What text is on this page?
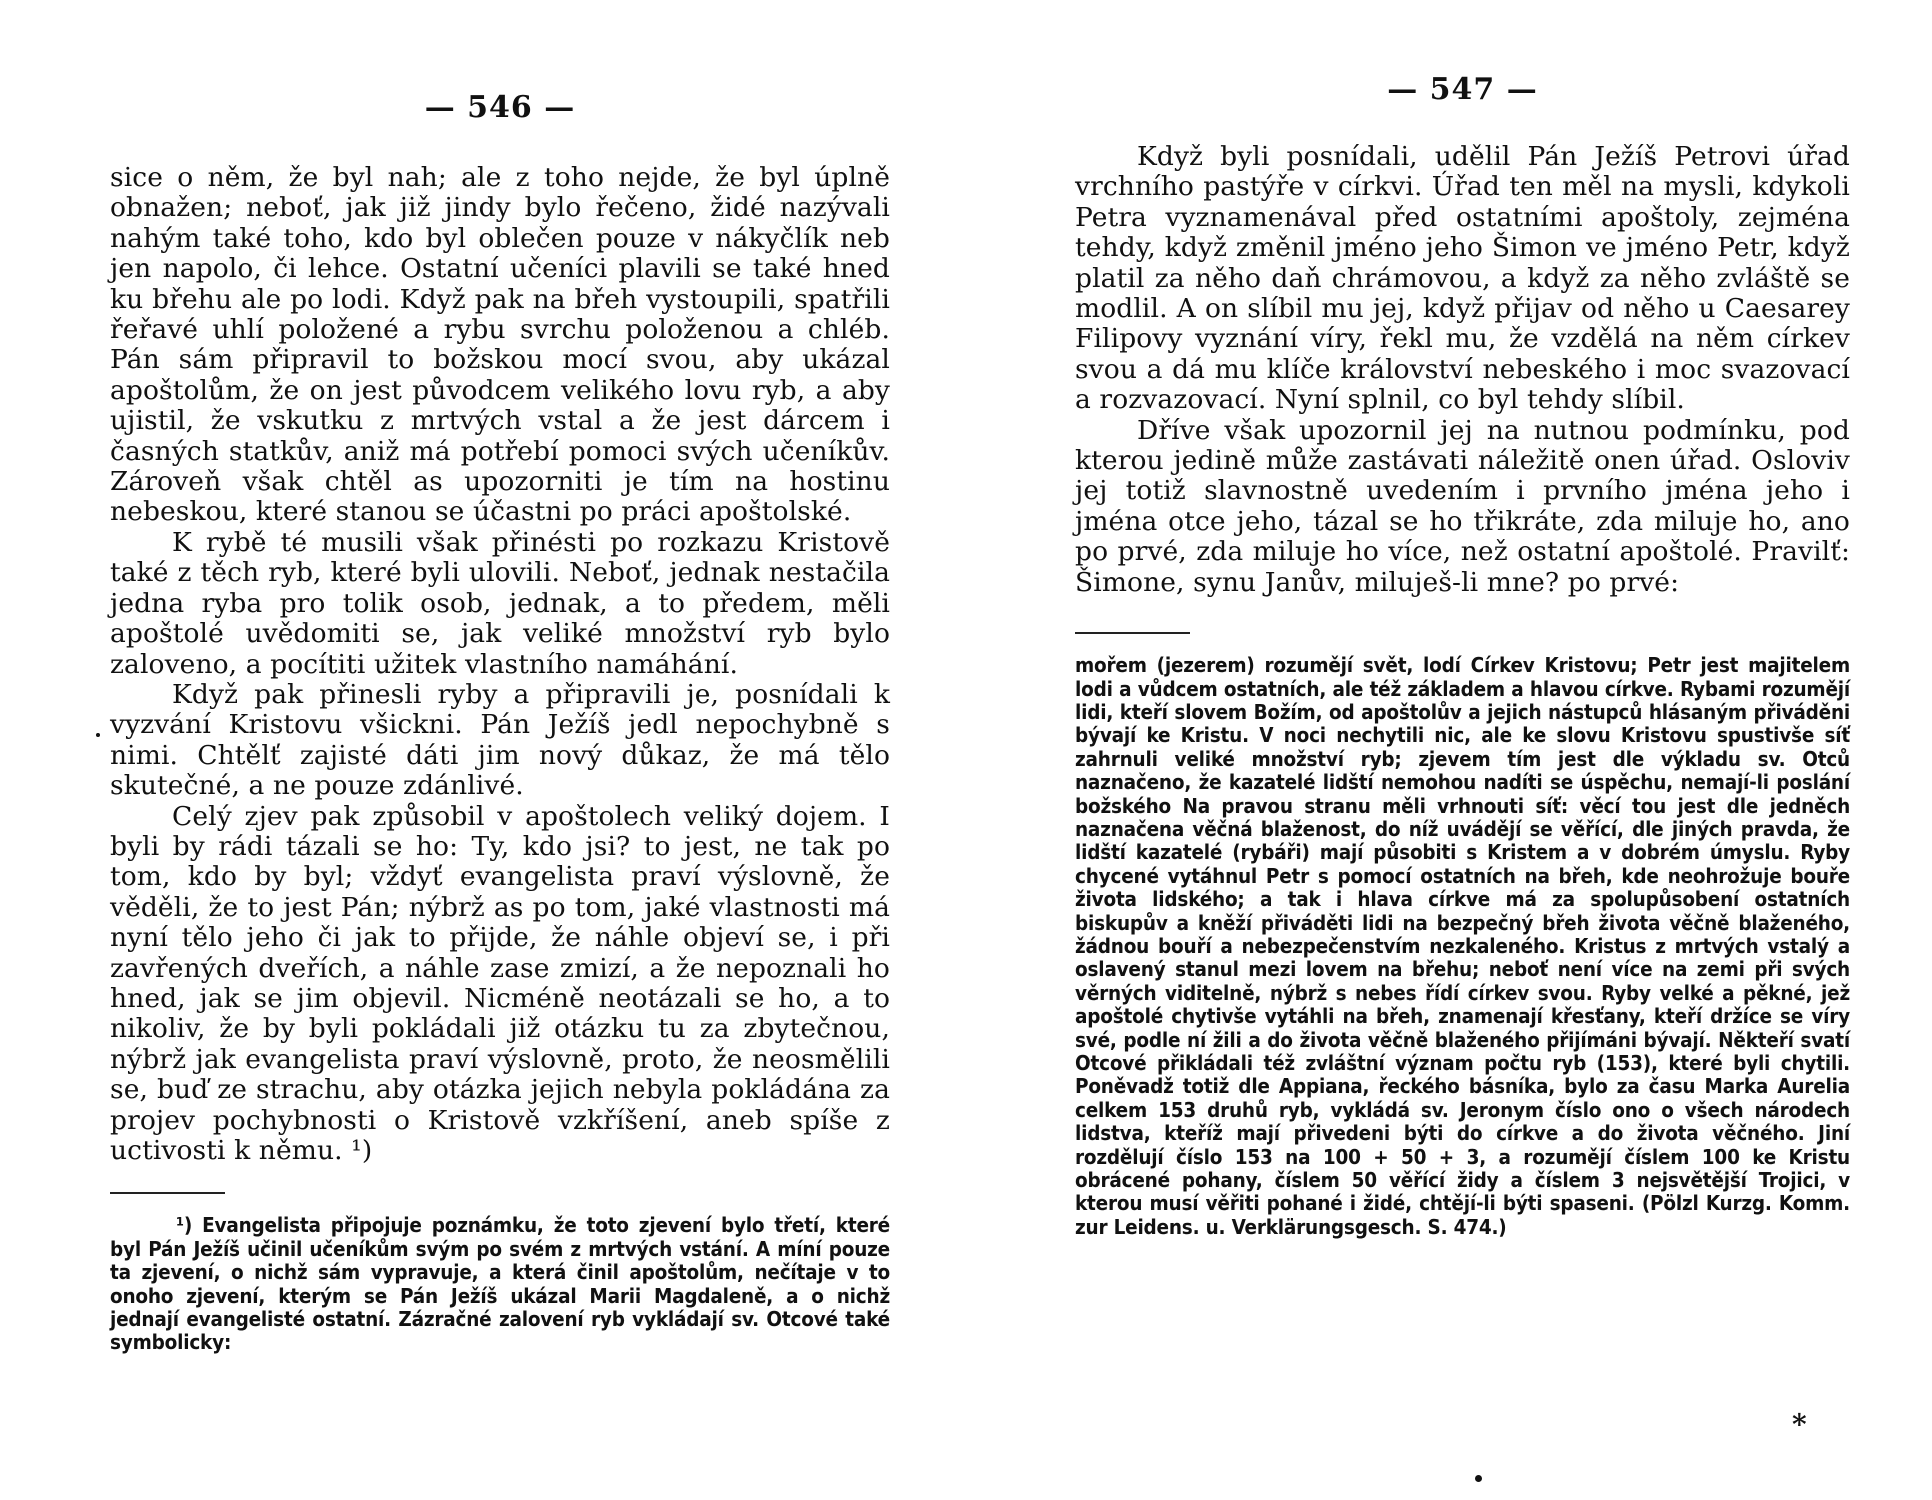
— 546 —

sice o něm, že byl nah; ale z toho nejde, že byl úplně obnažen; neboť, jak již jindy bylo řečeno, židé nazývali nahým také toho, kdo byl oblečen pouze v nákyčlík neb jen napolo, či lehce. Ostatní učeníci plavili se také hned ku břehu ale po lodi. Když pak na břeh vystoupili, spatřili řeřavé uhlí položené a rybu svrchu položenou a chléb. Pán sám připravil to božskou mocí svou, aby ukázal apoštolům, že on jest původcem velikého lovu ryb, a aby ujistil, že vskutku z mrtvých vstal a že jest dárcem i časných statkův, aniž má potřebí pomoci svých učeníkův. Zároveň však chtěl as upozorniti je tím na hostinu nebeskou, které stanou se účastni po práci apoštolské.

K rybě té musili však přinésti po rozkazu Kristově také z těch ryb, které byli ulovili. Neboť, jednak nestačila jedna ryba pro tolik osob, jednak, a to předem, měli apoštolé uvědomiti se, jak veliké množství ryb bylo zaloveno, a pocítiti užitek vlastního namáhání.

Když pak přinesli ryby a připravili je, posnídali k vyzvání Kristovu všickni. Pán Ježíš jedl nepochybně s nimi. Chtělť zajisté dáti jim nový důkaz, že má tělo skutečné, a ne pouze zdánlivé.

Celý zjev pak způsobil v apoštolech veliký dojem. I byli by rádi tázali se ho: Ty, kdo jsi? to jest, ne tak po tom, kdo by byl; vždyť evangelista praví výslovně, že věděli, že to jest Pán; nýbrž as po tom, jaké vlastnosti má nyní tělo jeho či jak to přijde, že náhle objeví se, i při zavřených dveřích, a náhle zase zmizí, a že nepoznali ho hned, jak se jim objevil. Nicméně neotázali se ho, a to nikoliv, že by byli pokládali již otázku tu za zbytečnou, nýbrž jak evangelista praví výslovně, proto, že neosmělili se, buď ze strachu, aby otázka jejich nebyla pokládána za projev pochybnosti o Kristově vzkříšení, aneb spíše z uctivosti k němu. ¹)

¹) Evangelista připojuje poznámku, že toto zjevení bylo třetí, které byl Pán Ježíš učinil učeníkům svým po svém z mrtvých vstání. A míní pouze ta zjevení, o nichž sám vypravuje, a která činil apoštolům, nečítaje v to onoho zjevení, kterým se Pán Ježíš ukázal Marii Magdaleně, a o nichž jednají evangelisté ostatní. Zázračné zalovení ryb vykládají sv. Otcové také symbolicky:

— 547 —

Když byli posnídali, udělil Pán Ježíš Petrovi úřad vrchního pastýře v církvi. Úřad ten měl na mysli, kdykoli Petra vyznamenával před ostatními apoštoly, zejména tehdy, když změnil jméno jeho Šimon ve jméno Petr, když platil za něho daň chrámovou, a když za něho zvláště se modlil. A on slíbil mu jej, když přijav od něho u Caesarey Filipovy vyznání víry, řekl mu, že vzdělá na něm církev svou a dá mu klíče království nebeského i moc svazovací a rozvazovací. Nyní splnil, co byl tehdy slíbil.

Dříve však upozornil jej na nutnou podmínku, pod kterou jedině může zastávati náležitě onen úřad. Osloviv jej totiž slavnostně uvedením i prvního jména jeho i jména otce jeho, tázal se ho třikráte, zda miluje ho, ano po prvé, zda miluje ho více, než ostatní apoštolé. Pravilť: Šimone, synu Janův, miluješ-li mne? po prvé:

mořem (jezerem) rozumějí svět, lodí Církev Kristovu; Petr jest majitelem lodi a vůdcem ostatních, ale též základem a hlavou církve. Rybami rozumějí lidi, kteří slovem Božím, od apoštolův a jejich nástupců hlásaným přiváděni bývají ke Kristu. V noci nechytili nic, ale ke slovu Kristovu spustivše síť zahrnuli veliké množství ryb; zjevem tím jest dle výkladu sv. Otců naznačeno, že kazatelé lidští nemohou nadíti se úspěchu, nemají-li poslání božského Na pravou stranu měli vrhnouti síť: věcí tou jest dle jedněch naznačena věčná blaženost, do níž uvádějí se věřící, dle jiných pravda, že lidští kazatelé (rybáři) mají působiti s Kristem a v dobrém úmyslu. Ryby chycené vytáhnul Petr s pomocí ostatních na břeh, kde neohrožuje bouře života lidského; a tak i hlava církve má za spolupůsobení ostatních biskupův a kněží přiváděti lidi na bezpečný břeh života věčně blaženého, žádnou bouří a nebezpečenstvím nezkaleného. Kristus z mrtvých vstalý a oslavený stanul mezi lovem na břehu; neboť není více na zemi při svých věrných viditelně, nýbrž s nebes řídí církev svou. Ryby velké a pěkné, jež apoštolé chytivše vytáhli na břeh, znamenají křesťany, kteří držíce se víry své, podle ní žili a do života věčně blaženého přijímáni bývají. Někteří svatí Otcové přikládali též zvláštní význam počtu ryb (153), které byli chytili. Poněvadž totiž dle Appiana, řeckého básníka, bylo za času Marka Aurelia celkem 153 druhů ryb, vykládá sv. Jeronym číslo ono o všech národech lidstva, kteříž mají přivedeni býti do církve a do života věčného. Jiní rozdělují číslo 153 na 100 + 50 + 3, a rozumějí číslem 100 ke Kristu obrácené pohany, číslem 50 věřící židy a číslem 3 nejsvětější Trojici, v kterou musí věřiti pohané i židé, chtějí-li býti spaseni. (Pölzl Kurzg. Komm. zur Leidens. u. Verklärungsgesch. S. 474.)

*
